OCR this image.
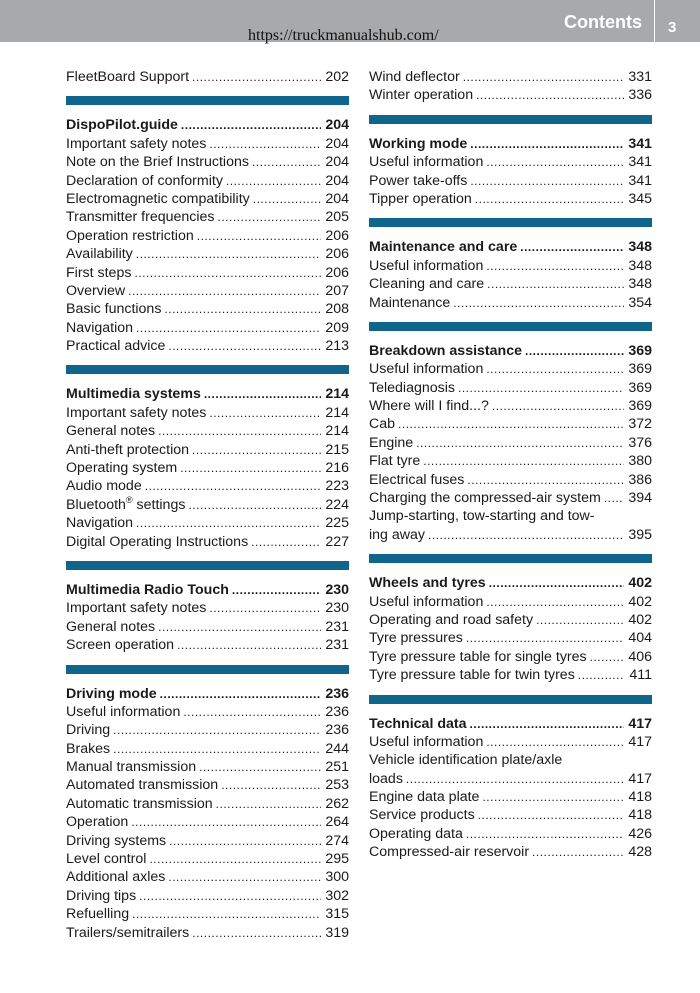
Contents 3
https://truckmanualshub.com/
FleetBoard Support .....	202
DispoPilot.guide .....	204
Important safety notes .....	204
Note on the Brief Instructions .....	204
Declaration of conformity .....	204
Electromagnetic compatibility .....	204
Transmitter frequencies .....	205
Operation restriction .....	206
Availability .....	206
First steps .....	206
Overview .....	207
Basic functions .....	208
Navigation .....	209
Practical advice .....	213
Multimedia systems .....	214
Important safety notes .....	214
General notes .....	214
Anti-theft protection .....	215
Operating system .....	216
Audio mode .....	223
Bluetooth® settings .....	224
Navigation .....	225
Digital Operating Instructions .....	227
Multimedia Radio Touch .....	230
Important safety notes .....	230
General notes .....	231
Screen operation .....	231
Driving mode .....	236
Useful information .....	236
Driving .....	236
Brakes .....	244
Manual transmission .....	251
Automated transmission .....	253
Automatic transmission .....	262
Operation .....	264
Driving systems .....	274
Level control .....	295
Additional axles .....	300
Driving tips .....	302
Refuelling .....	315
Trailers/semitrailers .....	319
Wind deflector .....	331
Winter operation .....	336
Working mode .....	341
Useful information .....	341
Power take-offs .....	341
Tipper operation .....	345
Maintenance and care .....	348
Useful information .....	348
Cleaning and care .....	348
Maintenance .....	354
Breakdown assistance .....	369
Useful information .....	369
Telediagnosis .....	369
Where will I find...? .....	369
Cab .....	372
Engine .....	376
Flat tyre .....	380
Electrical fuses .....	386
Charging the compressed-air system ..... 394
Jump-starting, tow-starting and tow-
ing away .....	395
Wheels and tyres .....	402
Useful information .....	402
Operating and road safety .....	402
Tyre pressures .....	404
Tyre pressure table for single tyres .....	406
Tyre pressure table for twin tyres .....	411
Technical data .....	417
Useful information .....	417
Vehicle identification plate/axle
loads .....	417
Engine data plate .....	418
Service products .....	418
Operating data .....	426
Compressed-air reservoir .....	428
